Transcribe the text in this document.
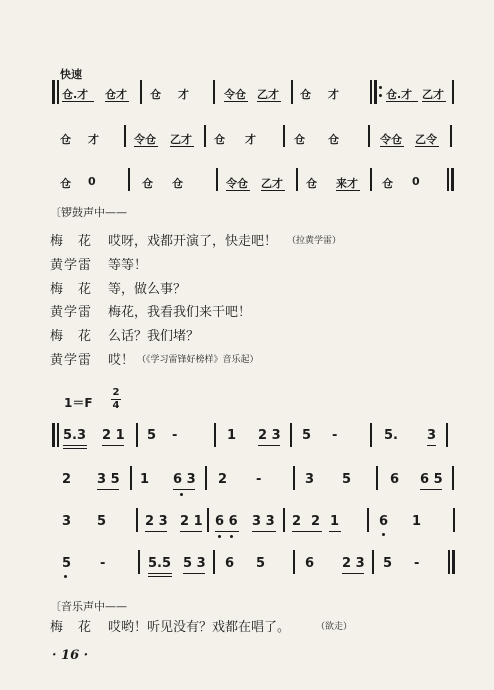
快速
仓.才 仓才 仓 才	令仓 乙才 仓 才	仓.才 乙才
仓 才	令仓 乙才 仓 才	仓 仓	令仓 乙令
仓 0	仓 仓	令仓 乙才 仓 来才 仓 0
〔锣鼓声中——
梅　花 哎呀，戏都开演了，快走吧！ （拉黄学雷）
黄学雷 等等！
梅　花 等，做么事？
黄学雷 梅花，我看我们来干吧！
梅　花 么话？我们堵？
黄学雷 哎！ （《学习雷锋好榜样》音乐起）
1＝F
2
4
5.3 2 1 5 -	1 2 3 5 -	5. 3
2 3 5 1 6 3 2 -	3 5	6 6 5
3 5	2 3 2 1 6 6 3 3 2 2 1	6 1
5 -	5.5 5 3 6 5	6 2 3 5 -
〔音乐声中——
梅　花 哎哟！听见没有？戏都在唱了。	（欲走）
· 16 ·
